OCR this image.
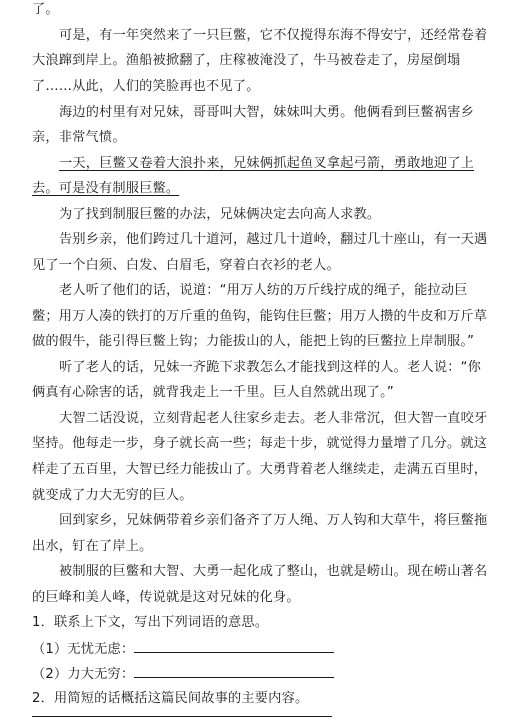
了。
可是，有一年突然来了一只巨鳖，它不仅搅得东海不得安宁，还经常卷着
大浪蹿到岸上。渔船被掀翻了，庄稼被淹没了，牛马被卷走了，房屋倒塌
了……从此，人们的笑脸再也不见了。
海边的村里有对兄妹，哥哥叫大智，妹妹叫大勇。他俩看到巨鳖祸害乡
亲，非常气愤。
一天，巨鳖又卷着大浪扑来，兄妹俩抓起鱼叉拿起弓箭，勇敢地迎了上
去。可是没有制服巨鳖。
为了找到制服巨鳖的办法，兄妹俩决定去向高人求教。
告别乡亲，他们跨过几十道河，越过几十道岭，翻过几十座山，有一天遇
见了一个白须、白发、白眉毛，穿着白衣衫的老人。
老人听了他们的话，说道：“用万人纺的万斤线拧成的绳子，能拉动巨
鳖；用万人凑的铁打的万斤重的鱼钩，能钩住巨鳖；用万人攒的牛皮和万斤草
做的假牛，能引得巨鳖上钩；力能拔山的人，能把上钩的巨鳖拉上岸制服。”
听了老人的话，兄妹一齐跪下求教怎么才能找到这样的人。老人说：“你
俩真有心除害的话，就背我走上一千里。巨人自然就出现了。”
大智二话没说，立刻背起老人往家乡走去。老人非常沉，但大智一直咬牙
坚持。他每走一步，身子就长高一些；每走十步，就觉得力量增了几分。就这
样走了五百里，大智已经力能拔山了。大勇背着老人继续走，走满五百里时，
就变成了力大无穷的巨人。
回到家乡，兄妹俩带着乡亲们备齐了万人绳、万人钩和大草牛，将巨鳖拖
出水，钉在了岸上。
被制服的巨鳖和大智、大勇一起化成了整山，也就是崂山。现在崂山著名
的巨峰和美人峰，传说就是这对兄妹的化身。
1．联系上下文，写出下列词语的意思。
（1）无忧无虑：
（2）力大无穷：
2．用简短的话概括这篇民间故事的主要内容。
